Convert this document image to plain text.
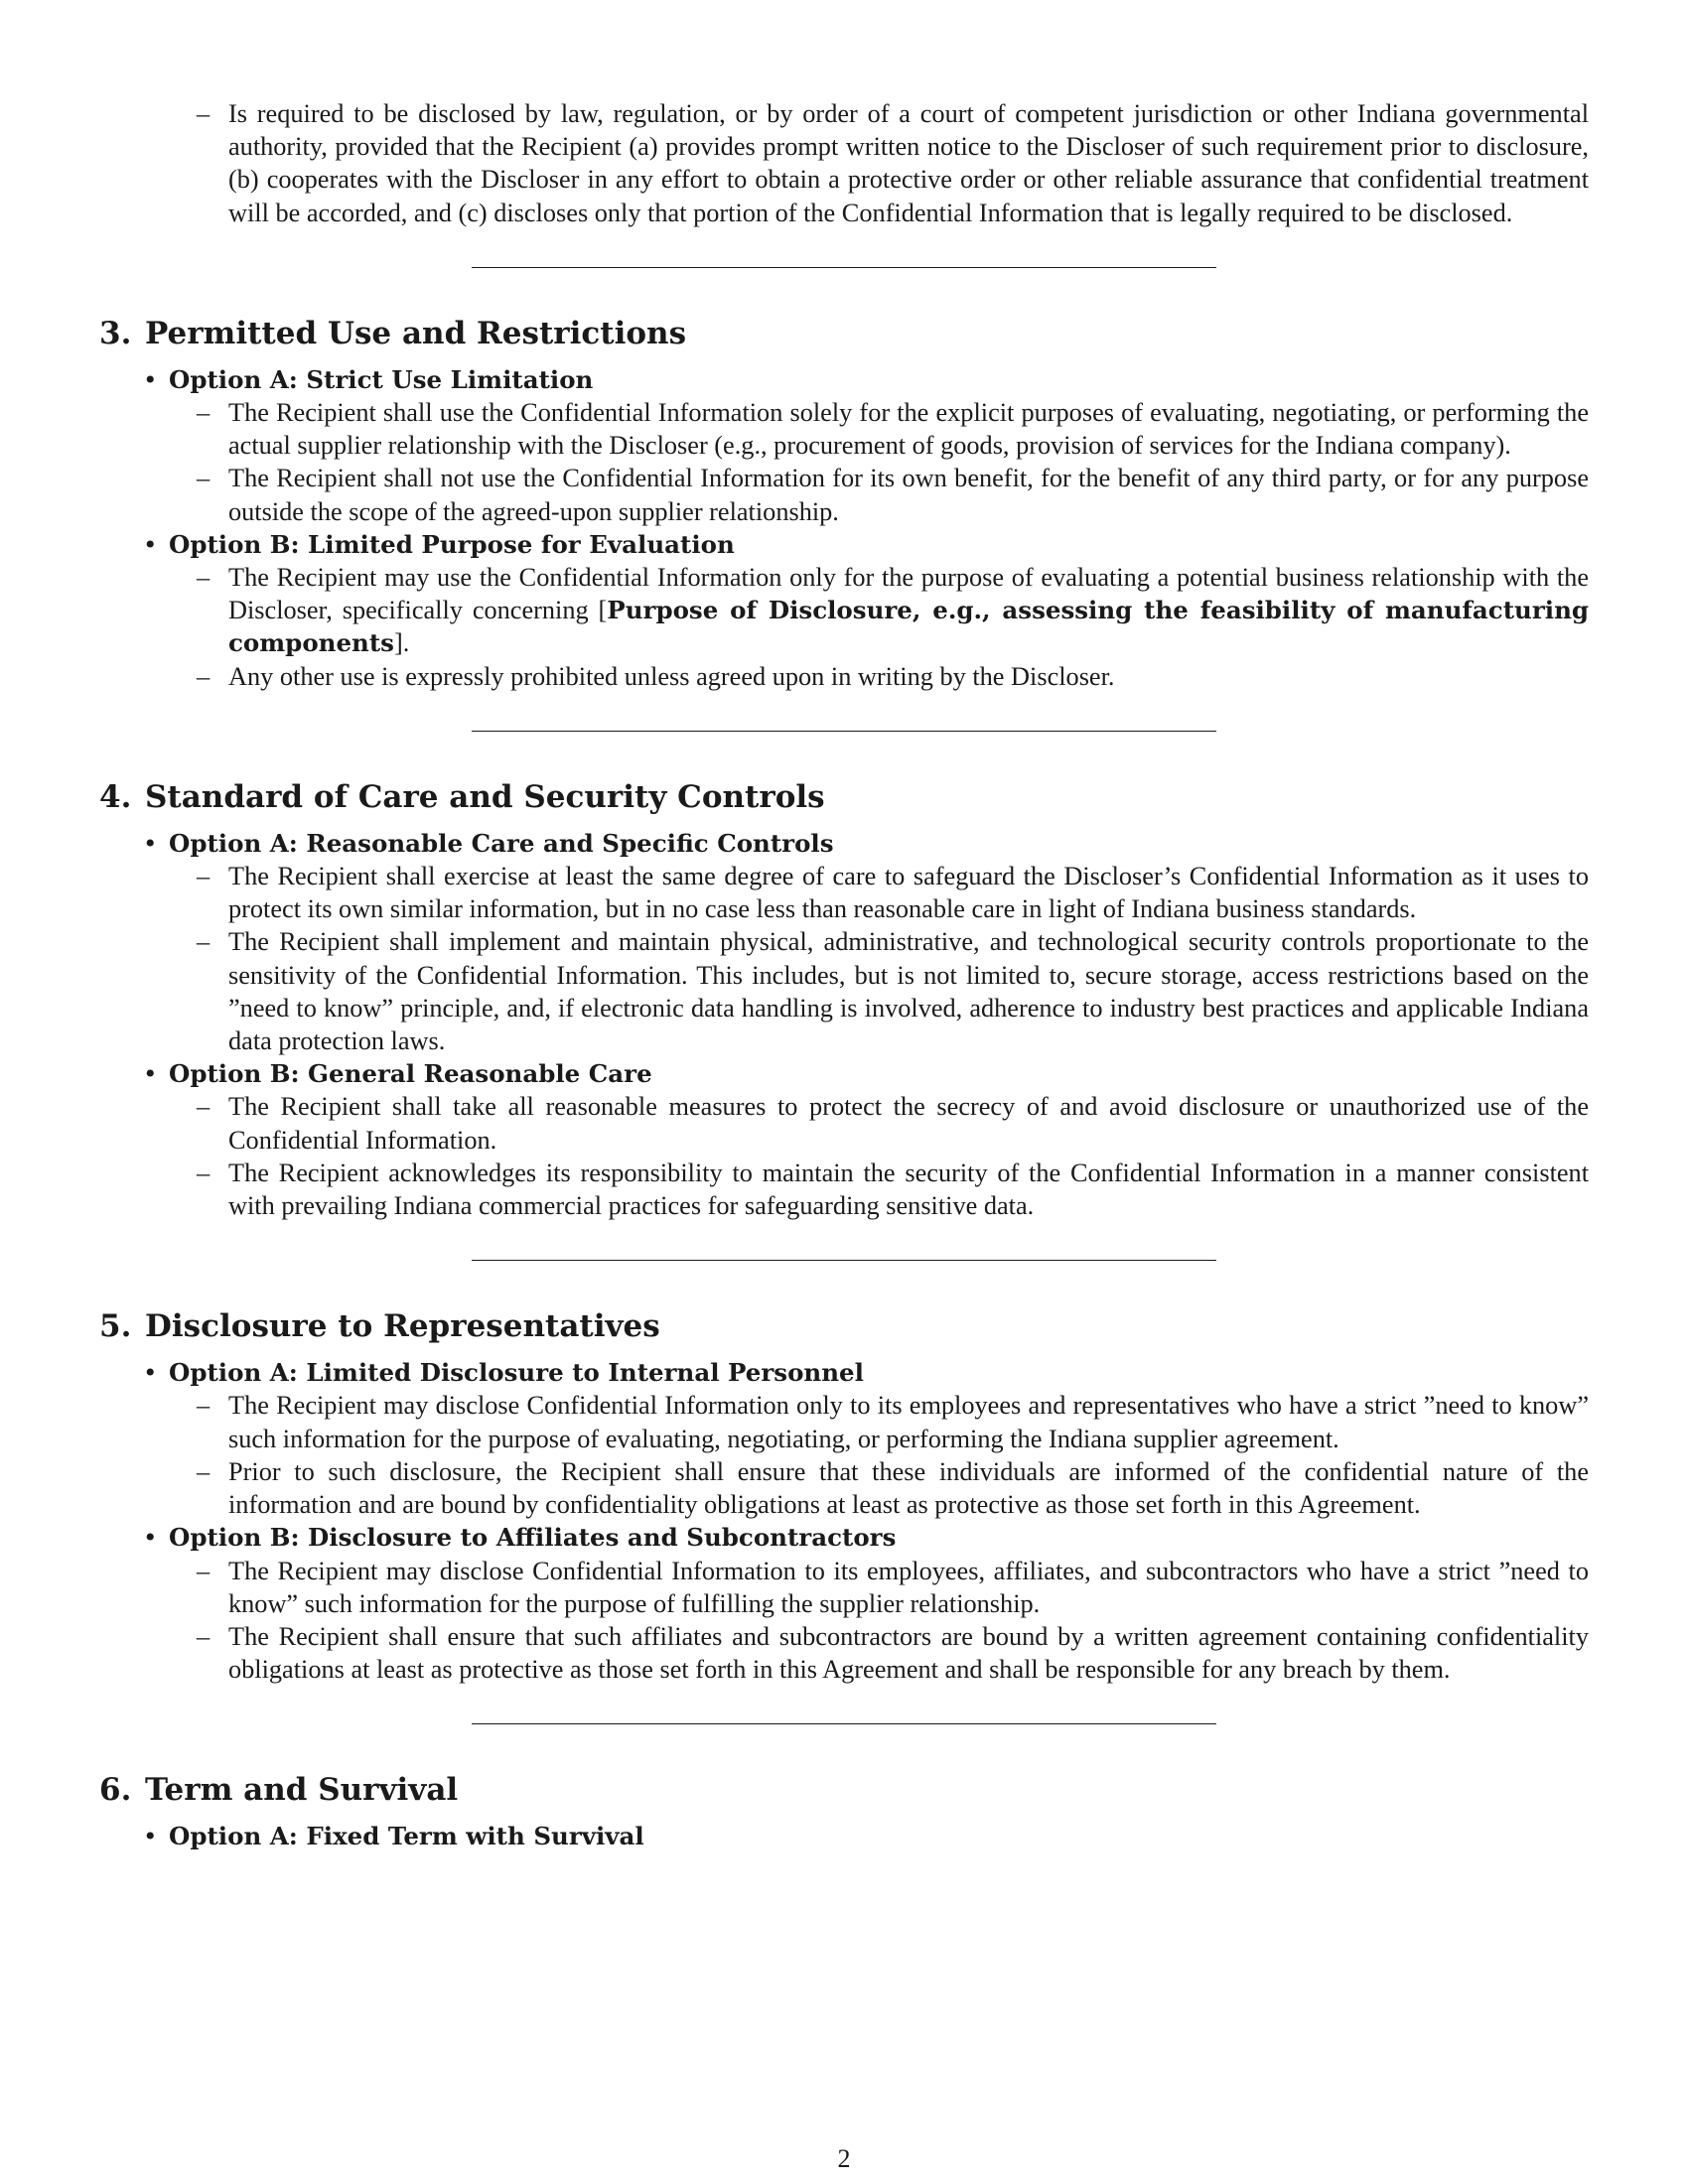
– Is required to be disclosed by law, regulation, or by order of a court of competent jurisdiction or other Indiana governmental authority, provided that the Recipient (a) provides prompt written notice to the Discloser of such requirement prior to disclosure, (b) cooperates with the Discloser in any effort to obtain a protective order or other reliable assurance that confidential treatment will be accorded, and (c) discloses only that portion of the Confidential Information that is legally required to be disclosed.
3. Permitted Use and Restrictions
• Option A: Strict Use Limitation
– The Recipient shall use the Confidential Information solely for the explicit purposes of evaluating, negotiating, or performing the actual supplier relationship with the Discloser (e.g., procurement of goods, provision of services for the Indiana company).
– The Recipient shall not use the Confidential Information for its own benefit, for the benefit of any third party, or for any purpose outside the scope of the agreed-upon supplier relationship.
• Option B: Limited Purpose for Evaluation
– The Recipient may use the Confidential Information only for the purpose of evaluating a potential business relationship with the Discloser, specifically concerning [Purpose of Disclosure, e.g., assessing the feasibility of manufacturing components].
– Any other use is expressly prohibited unless agreed upon in writing by the Discloser.
4. Standard of Care and Security Controls
• Option A: Reasonable Care and Specific Controls
– The Recipient shall exercise at least the same degree of care to safeguard the Discloser’s Confidential Information as it uses to protect its own similar information, but in no case less than reasonable care in light of Indiana business standards.
– The Recipient shall implement and maintain physical, administrative, and technological security controls proportionate to the sensitivity of the Confidential Information. This includes, but is not limited to, secure storage, access restrictions based on the ”need to know” principle, and, if electronic data handling is involved, adherence to industry best practices and applicable Indiana data protection laws.
• Option B: General Reasonable Care
– The Recipient shall take all reasonable measures to protect the secrecy of and avoid disclosure or unauthorized use of the Confidential Information.
– The Recipient acknowledges its responsibility to maintain the security of the Confidential Information in a manner consistent with prevailing Indiana commercial practices for safeguarding sensitive data.
5. Disclosure to Representatives
• Option A: Limited Disclosure to Internal Personnel
– The Recipient may disclose Confidential Information only to its employees and representatives who have a strict ”need to know” such information for the purpose of evaluating, negotiating, or performing the Indiana supplier agreement.
– Prior to such disclosure, the Recipient shall ensure that these individuals are informed of the confidential nature of the information and are bound by confidentiality obligations at least as protective as those set forth in this Agreement.
• Option B: Disclosure to Affiliates and Subcontractors
– The Recipient may disclose Confidential Information to its employees, affiliates, and subcontractors who have a strict ”need to know” such information for the purpose of fulfilling the supplier relationship.
– The Recipient shall ensure that such affiliates and subcontractors are bound by a written agreement containing confidentiality obligations at least as protective as those set forth in this Agreement and shall be responsible for any breach by them.
6. Term and Survival
• Option A: Fixed Term with Survival
2
